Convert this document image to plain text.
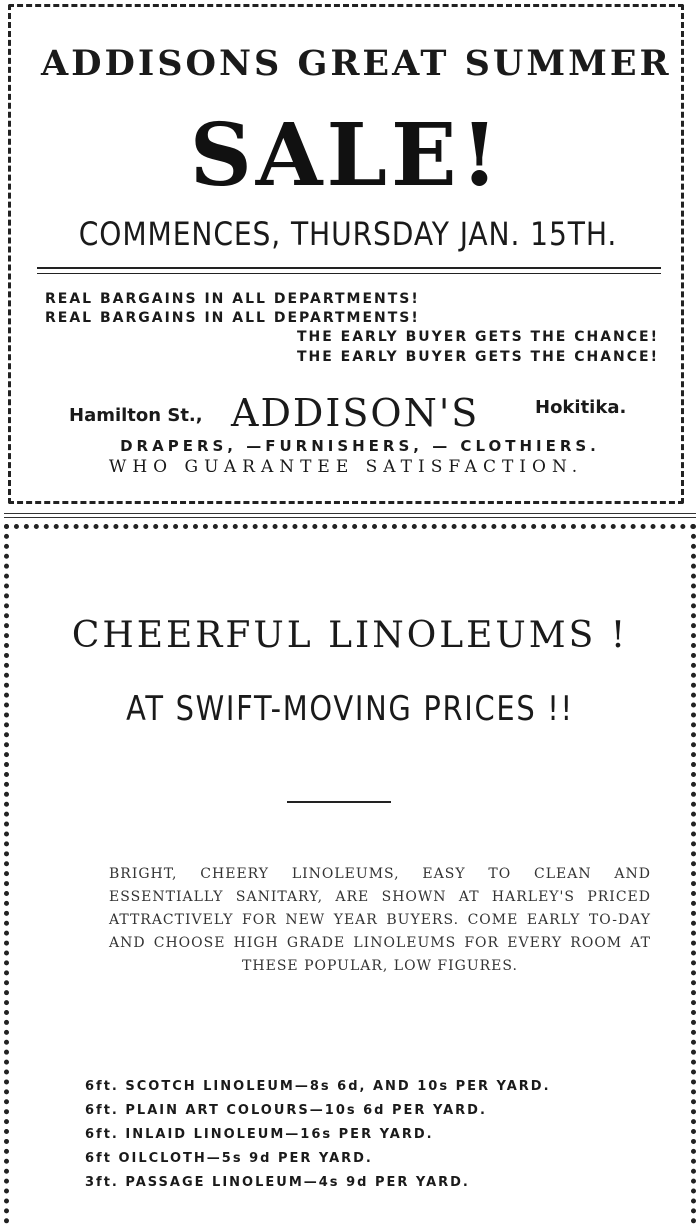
ADDISONS GREAT SUMMER
SALE!
COMMENCES, THURSDAY JAN. 15TH.
REAL BARGAINS IN ALL DEPARTMENTS!
REAL BARGAINS IN ALL DEPARTMENTS!
THE EARLY BUYER GETS THE CHANCE!
THE EARLY BUYER GETS THE CHANCE!
Hamilton St., ADDISON'S	Hokitika.
DRAPERS, —FURNISHERS, — CLOTHIERS.
WHO GUARANTEE SATISFACTION.
CHEERFUL LINOLEUMS !
AT SWIFT-MOVING PRICES !!
BRIGHT, CHEERY LINOLEUMS, EASY TO CLEAN AND ESSENTIALLY SANITARY, ARE SHOWN AT HARLEY'S PRICED ATTRACTIVELY FOR NEW YEAR BUYERS. COME EARLY TO-DAY AND CHOOSE HIGH GRADE LINOLEUMS FOR EVERY ROOM AT THESE POPULAR, LOW FIGURES.
6ft. SCOTCH LINOLEUM—8s 6d, AND 10s PER YARD.
6ft. PLAIN ART COLOURS—10s 6d PER YARD.
6ft. INLAID LINOLEUM—16s PER YARD.
6ft OILCLOTH—5s 9d PER YARD.
3ft. PASSAGE LINOLEUM—4s 9d PER YARD.
